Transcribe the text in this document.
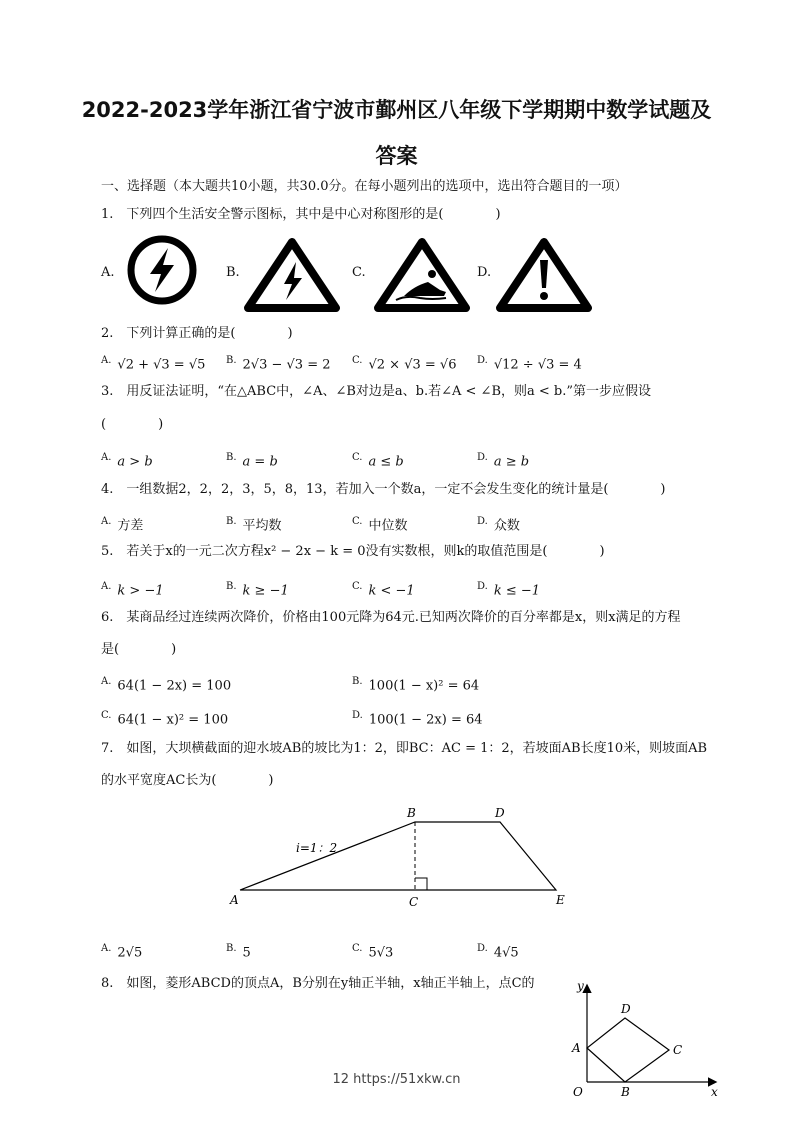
2022-2023学年浙江省宁波市鄞州区八年级下学期期中数学试题及
答案
一、选择题（本大题共10小题，共30.0分。在每小题列出的选项中，选出符合题目的一项）
1.　下列四个生活安全警示图标，其中是中心对称图形的是(　　　　)
A.	B.	C.	D.
2.　下列计算正确的是(　　　　)
$^{A.}$ √2 + √3 = √5 $^{B.}$ 2√3 − √3 = 2 $^{C.}$ √2 × √3 = √6 $^{D.}$ √12 ÷ √3 = 4
3.　用反证法证明，“在△ABC中，∠A、∠B对边是a、b.若∠A < ∠B，则a < b.”第一步应假设
(　　　　)
$^{A.}$ a > b	$^{B.}$ a = b	$^{C.}$ a ≤ b	$^{D.}$ a ≥ b
4.　一组数据2，2，2，3，5，8，13，若加入一个数a，一定不会发生变化的统计量是(　　　　)
$^{A.}$ 方差	$^{B.}$ 平均数	$^{C.}$ 中位数	$^{D.}$ 众数
5.　若关于x的一元二次方程x² − 2x − k = 0没有实数根，则k的取值范围是(　　　　)
$^{A.}$ k > −1	$^{B.}$ k ≥ −1	$^{C.}$ k < −1	$^{D.}$ k ≤ −1
6.　某商品经过连续两次降价，价格由100元降为64元.已知两次降价的百分率都是x，则x满足的方程
是(　　　　)
$^{A.}$ 64(1 − 2x) = 100	$^{B.}$ 100(1 − x)² = 64
$^{C.}$ 64(1 − x)² = 100	$^{D.}$ 100(1 − 2x) = 64
7.　如图，大坝横截面的迎水坡AB的坡比为1：2，即BC：AC = 1：2，若坡面AB长度10米，则坡面AB
的水平宽度AC长为(　　　　)
A
B
C
D
E
i=1：2
$^{A.}$ 2√5	$^{B.}$ 5	$^{C.}$ 5√3	$^{D.}$ 4√5
8.　如图，菱形ABCD的顶点A，B分别在y轴正半轴，x轴正半轴上，点C的	y
x
O
A
B
C
D
12 https://51xkw.cn
